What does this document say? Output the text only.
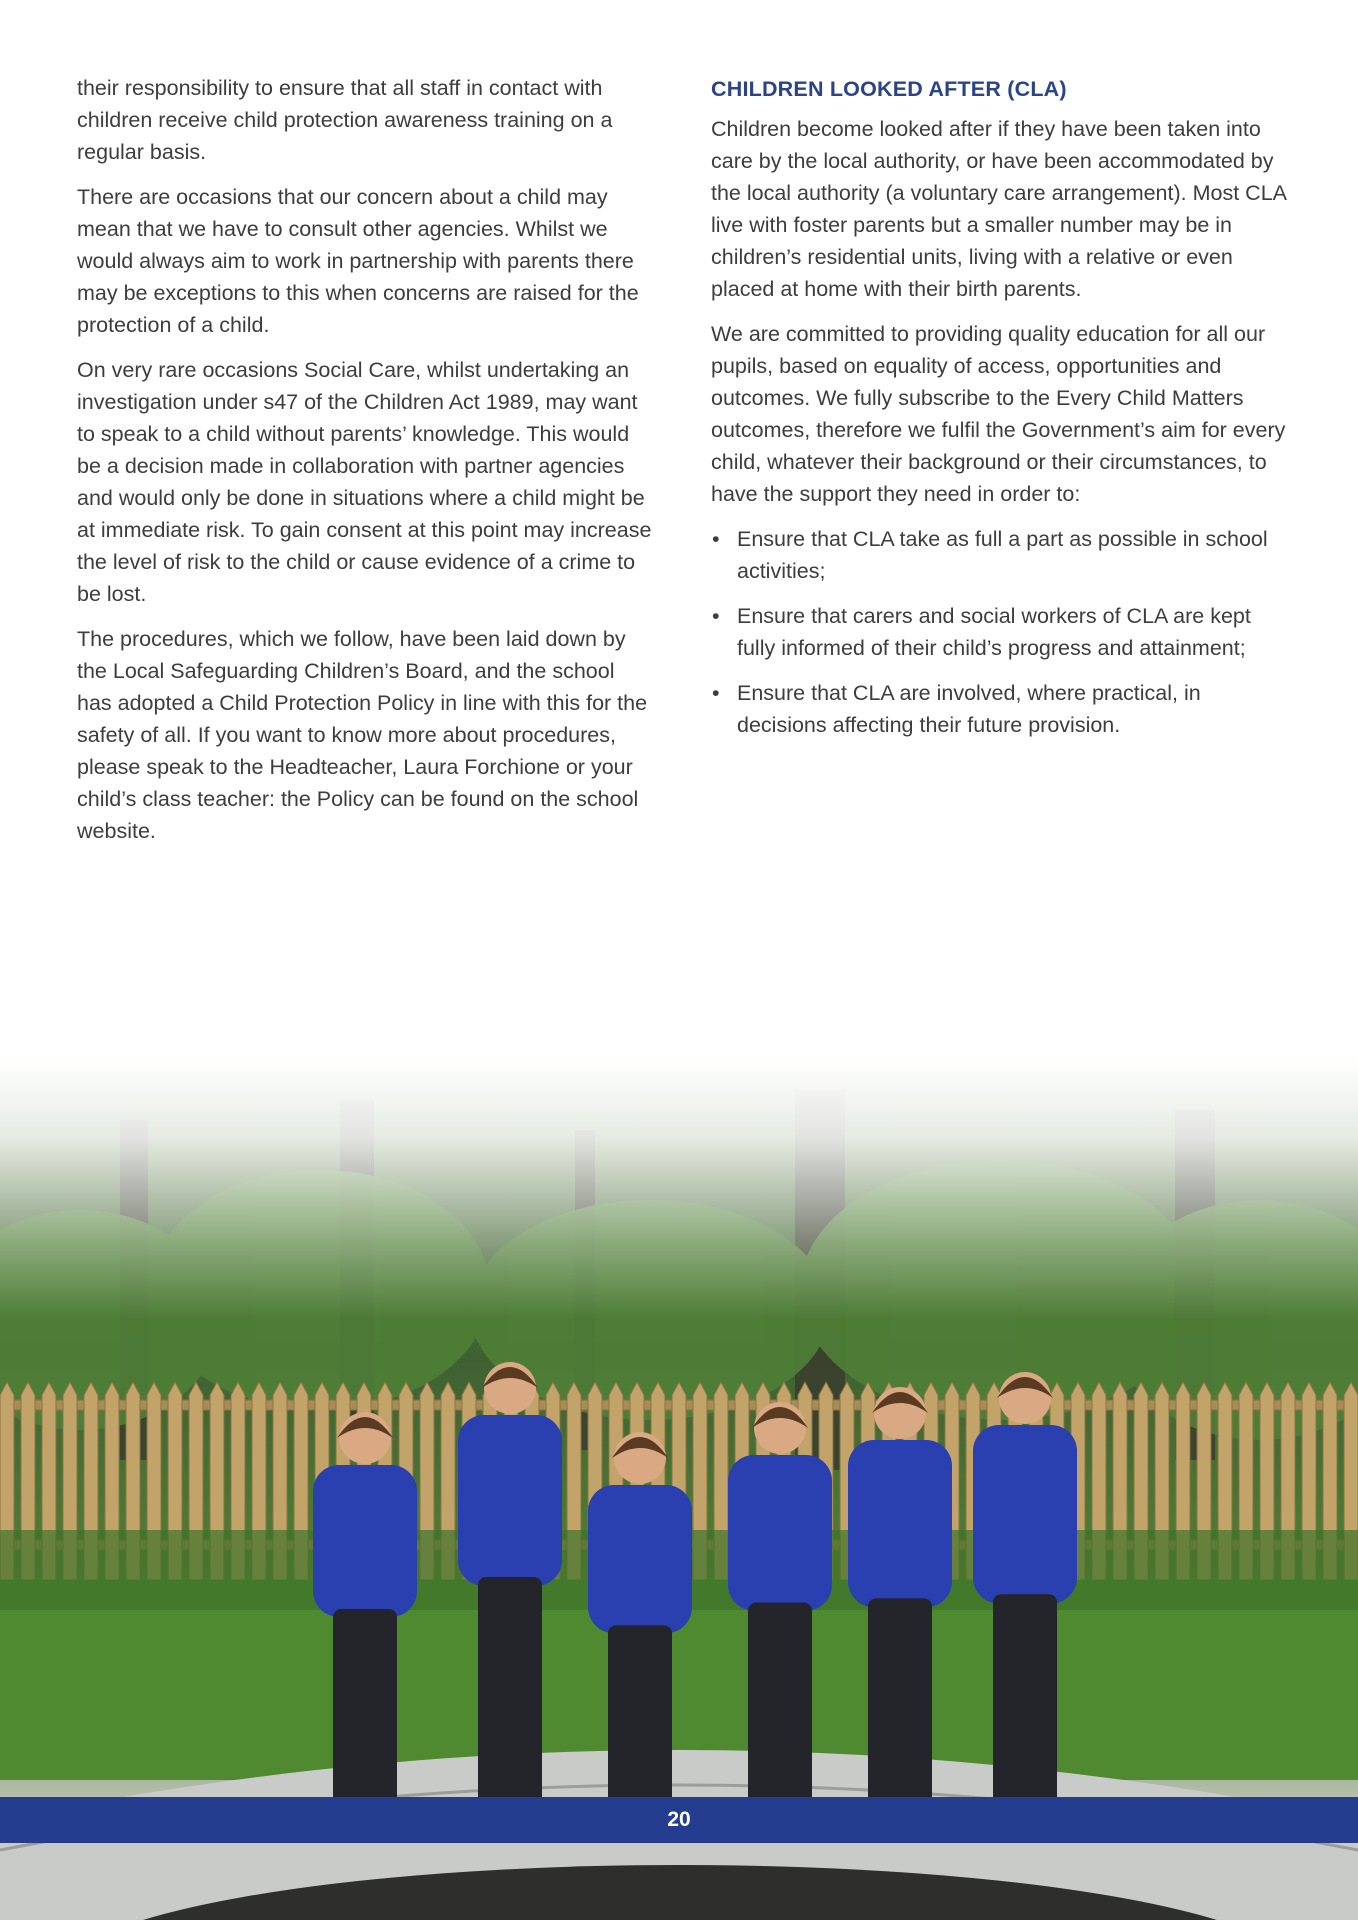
their responsibility to ensure that all staff in contact with children receive child protection awareness training on a regular basis.

There are occasions that our concern about a child may mean that we have to consult other agencies. Whilst we would always aim to work in partnership with parents there may be exceptions to this when concerns are raised for the protection of a child.

On very rare occasions Social Care, whilst undertaking an investigation under s47 of the Children Act 1989, may want to speak to a child without parents’ knowledge. This would be a decision made in collaboration with partner agencies and would only be done in situations where a child might be at immediate risk. To gain consent at this point may increase the level of risk to the child or cause evidence of a crime to be lost.

The procedures, which we follow, have been laid down by the Local Safeguarding Children’s Board, and the school has adopted a Child Protection Policy in line with this for the safety of all. If you want to know more about procedures, please speak to the Headteacher, Laura Forchione or your child’s class teacher: the Policy can be found on the school website.

CHILDREN LOOKED AFTER (CLA)

Children become looked after if they have been taken into care by the local authority, or have been accommodated by the local authority (a voluntary care arrangement). Most CLA live with foster parents but a smaller number may be in children’s residential units, living with a relative or even placed at home with their birth parents.

We are committed to providing quality education for all our pupils, based on equality of access, opportunities and outcomes. We fully subscribe to the Every Child Matters outcomes, therefore we fulfil the Government’s aim for every child, whatever their background or their circumstances, to have the support they need in order to:

• Ensure that CLA take as full a part as possible in school activities;
• Ensure that carers and social workers of CLA are kept fully informed of their child’s progress and attainment;
• Ensure that CLA are involved, where practical, in decisions affecting their future provision.
20
